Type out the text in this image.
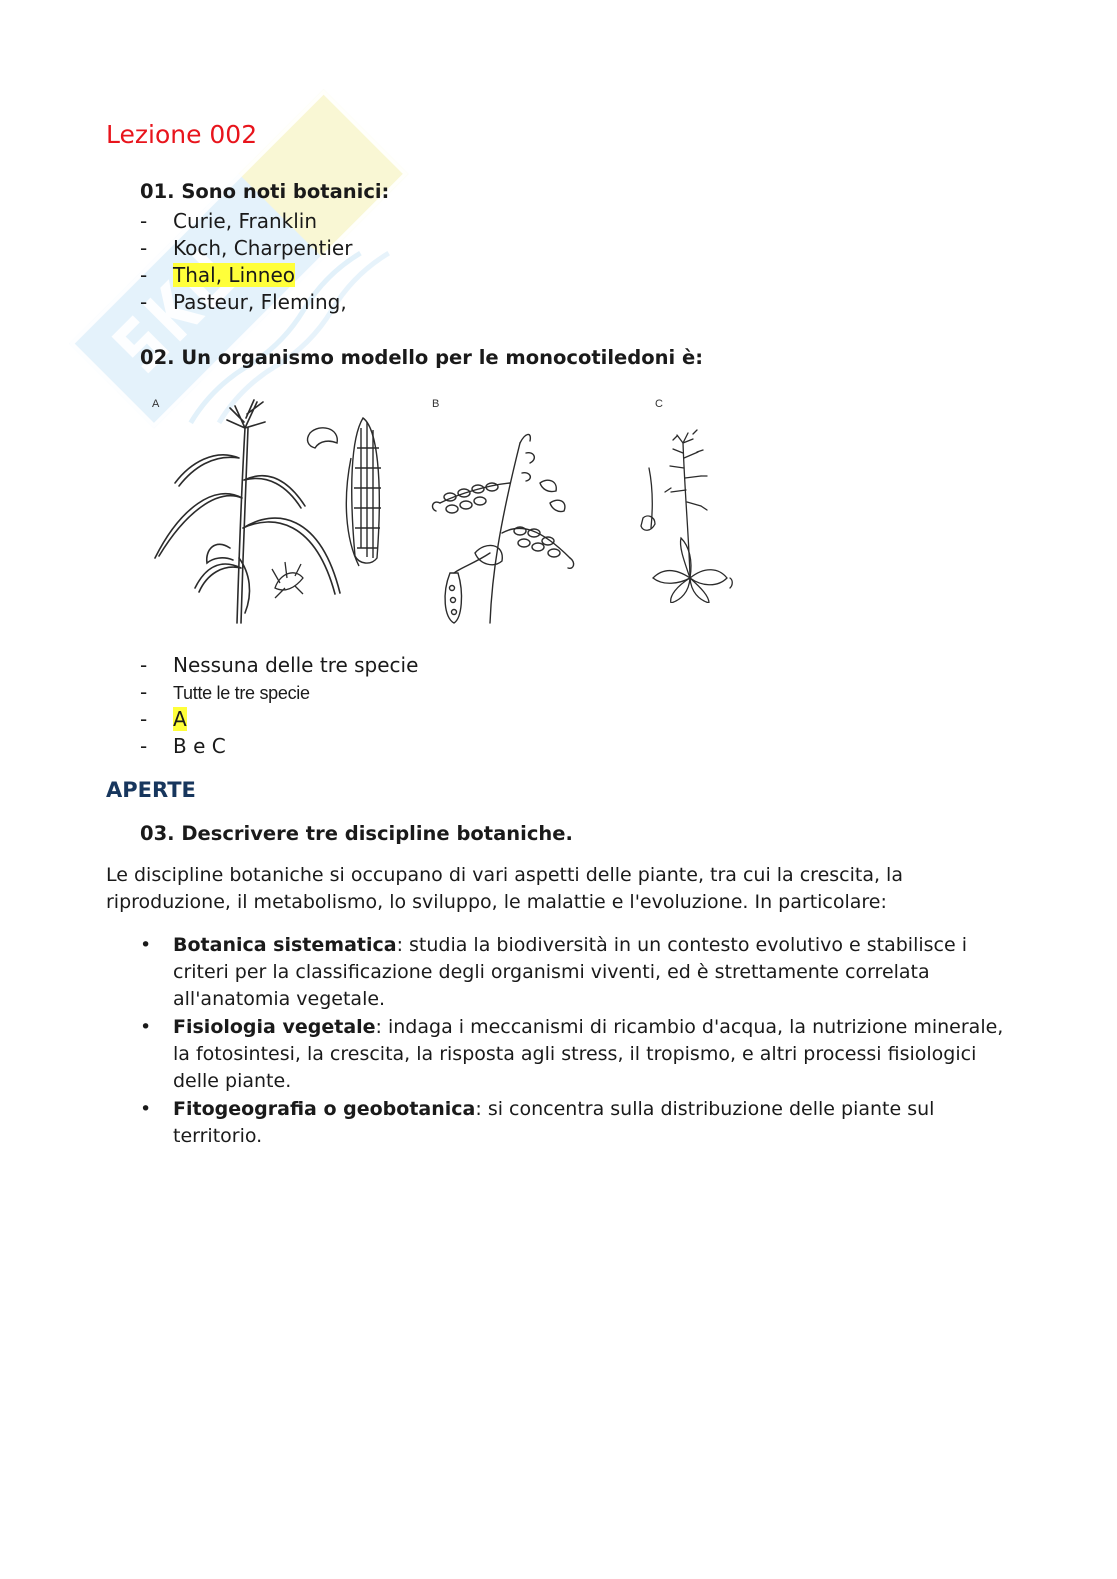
Lezione 002
01. Sono noti botanici:
- Curie, Franklin
- Koch, Charpentier
- Thal, Linneo
- Pasteur, Fleming,
02. Un organismo modello per le monocotiledoni è:
A	B	C
- Nessuna delle tre specie
- Tutte le tre specie
- A
- B e C
APERTE
03. Descrivere tre discipline botaniche.

Le discipline botaniche si occupano di vari aspetti delle piante, tra cui la crescita, la riproduzione, il metabolismo, lo sviluppo, le malattie e l'evoluzione. In particolare:

• Botanica sistematica: studia la biodiversità in un contesto evolutivo e stabilisce i criteri per la classificazione degli organismi viventi, ed è strettamente correlata all'anatomia vegetale.
• Fisiologia vegetale: indaga i meccanismi di ricambio d'acqua, la nutrizione minerale, la fotosintesi, la crescita, la risposta agli stress, il tropismo, e altri processi fisiologici delle piante.
• Fitogeografia o geobotanica: si concentra sulla distribuzione delle piante sul territorio.
